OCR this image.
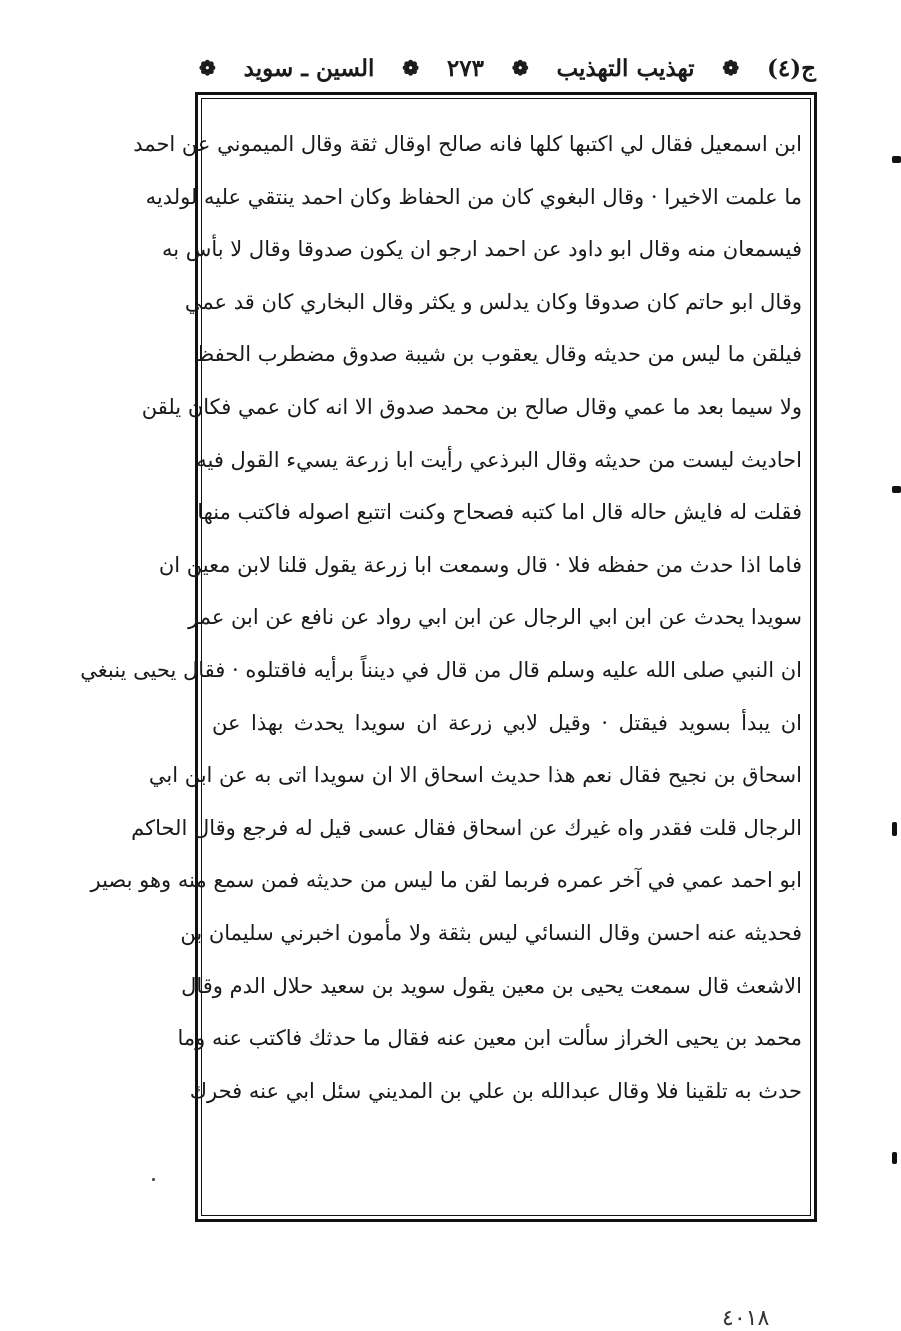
ج(٤)
❁
تهذيب التهذيب
❁
٢٧٣
❁
السين ـ سويد
❁
ابن اسمعيل فقال لي اكتبها كلها فانه صالح اوقال ثقة وقال الميموني عن احمد
ما علمت الاخيرا · وقال البغوي كان من الحفاظ وكان احمد ينتقي عليه لولديه
فيسمعان منه وقال ابو داود عن احمد ارجو ان يكون صدوقا وقال لا بأس به
وقال ابو حاتم كان صدوقا وكان يدلس و يكثر وقال البخاري كان قد عمي
فيلقن ما ليس من حديثه وقال يعقوب بن شيبة صدوق مضطرب الحفظ
ولا سيما بعد ما عمي وقال صالح بن محمد صدوق الا انه كان عمي فكان يلقن
احاديث ليست من حديثه وقال البرذعي رأيت ابا زرعة يسيء القول فيه
فقلت له فايش حاله قال اما كتبه فصحاح وكنت اتتبع اصوله فاكتب منها
فاما اذا حدث من حفظه فلا · قال وسمعت ابا زرعة يقول قلنا لابن معين ان
سويدا يحدث عن ابن ابي الرجال عن ابن ابي رواد عن نافع عن ابن عمر
ان النبي صلى الله عليه وسلم قال من قال في دينناً برأيه فاقتلوه · فقال يحيى ينبغي
ان يبدأ بسويد فيقتل · وقيل لابي زرعة ان سويدا يحدث بهذا عن
اسحاق بن نجيح فقال نعم هذا حديث اسحاق الا ان سويدا اتى به عن ابن ابي
الرجال قلت فقدر واه غيرك عن اسحاق فقال عسى قيل له فرجع وقال الحاكم
ابو احمد عمي في آخر عمره فربما لقن ما ليس من حديثه فمن سمع منه وهو بصير
فحديثه عنه احسن وقال النسائي ليس بثقة ولا مأمون اخبرني سليمان بن
الاشعث قال سمعت يحيى بن معين يقول سويد بن سعيد حلال الدم وقال
محمد بن يحيى الخراز سألت ابن معين عنه فقال ما حدثك فاكتب عنه وما
حدث به تلقينا فلا وقال عبدالله بن علي بن المديني سئل ابي عنه فحرك
٤٠١٨
